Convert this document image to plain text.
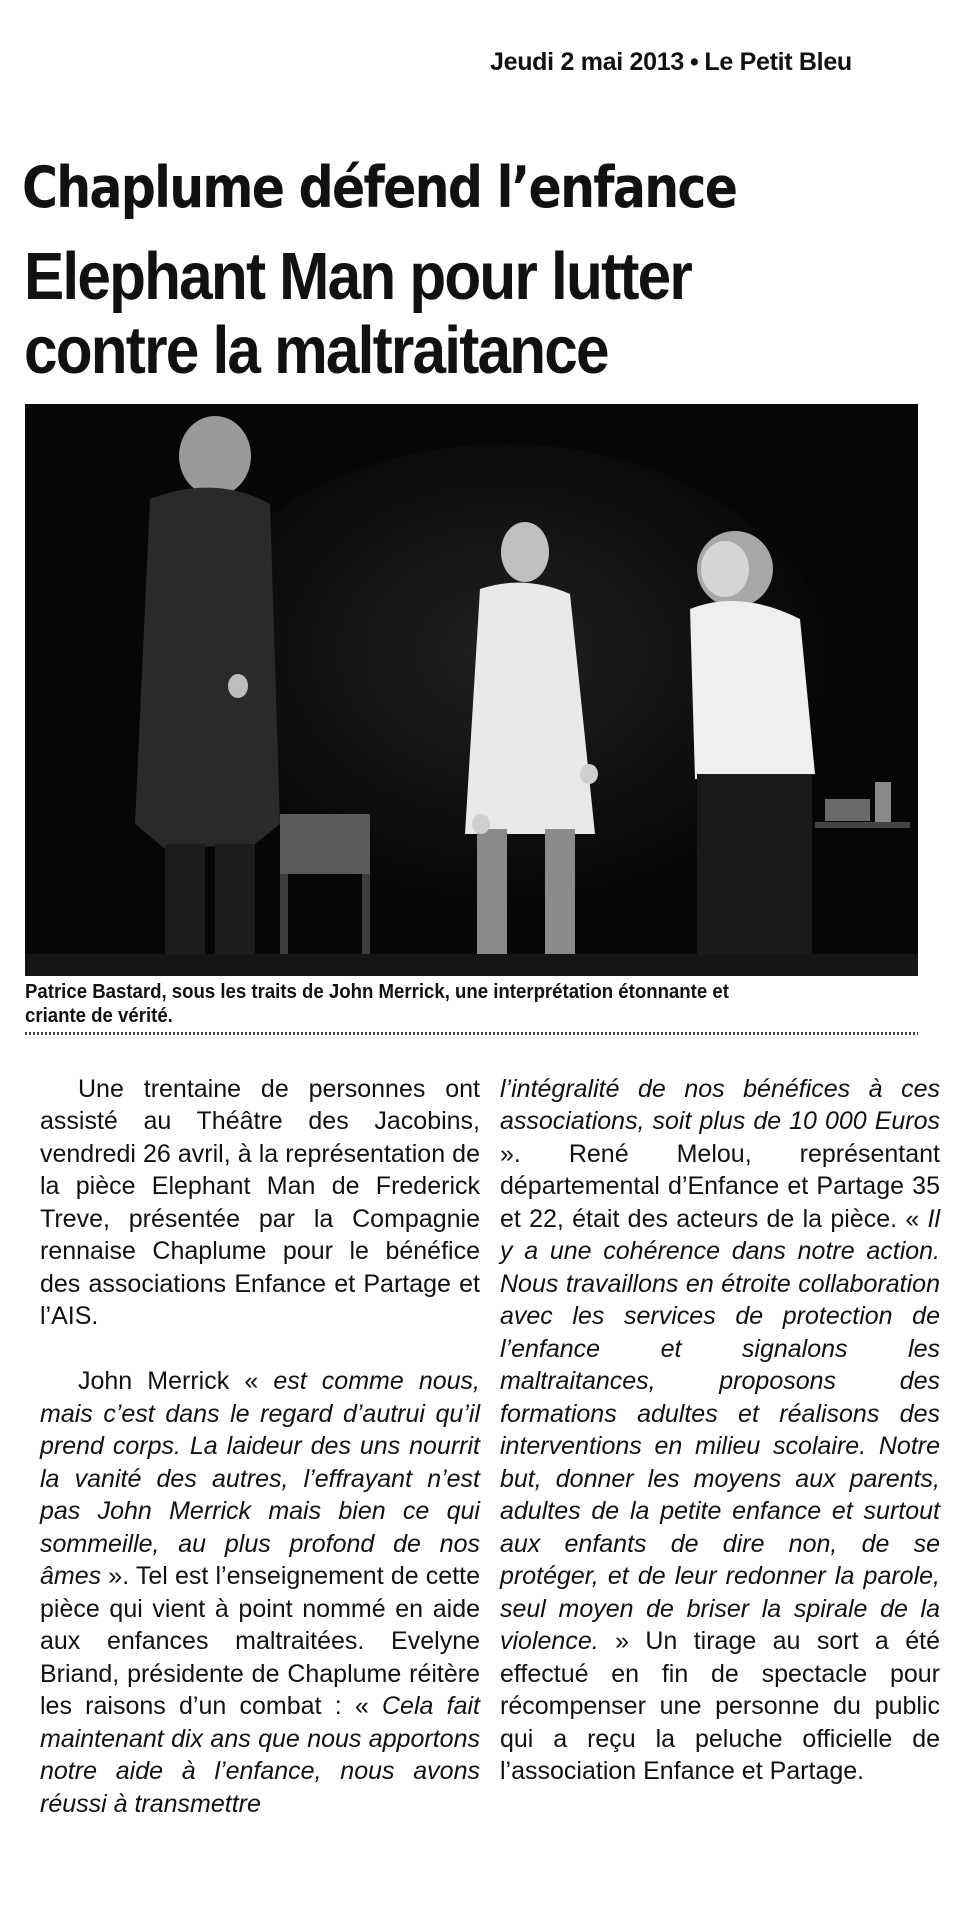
Jeudi 2 mai 2013 • Le Petit Bleu
Chaplume défend l’enfance
Elephant Man pour lutter
contre la maltraitance
Patrice Bastard, sous les traits de John Merrick, une interprétation étonnante et
criante de vérité.

Une trentaine de personnes ont assisté au Théâtre des Jacobins, vendredi 26 avril, à la représentation de la pièce Elephant Man de Frederick Treve, présentée par la Compagnie rennaise Chaplume pour le bénéfice des associations Enfance et Partage et l’AIS.

John Merrick « est comme nous, mais c’est dans le regard d’autrui qu’il prend corps. La laideur des uns nourrit la vanité des autres, l’effrayant n’est pas John Merrick mais bien ce qui sommeille, au plus profond de nos âmes ». Tel est l’enseignement de cette pièce qui vient à point nommé en aide aux enfances maltraitées. Evelyne Briand, présidente de Chaplume réitère les raisons d’un combat : « Cela fait maintenant dix ans que nous apportons notre aide à l’enfance, nous avons réussi à transmettre

l’intégralité de nos bénéfices à ces associations, soit plus de 10 000 Euros ». René Melou, représentant départemental d’Enfance et Partage 35 et 22, était des acteurs de la pièce. « Il y a une cohérence dans notre action. Nous travaillons en étroite collaboration avec les services de protection de l’enfance et signalons les maltraitances, proposons des formations adultes et réalisons des interventions en milieu scolaire. Notre but, donner les moyens aux parents, adultes de la petite enfance et surtout aux enfants de dire non, de se protéger, et de leur redonner la parole, seul moyen de briser la spirale de la violence. » Un tirage au sort a été effectué en fin de spectacle pour récompenser une personne du public qui a reçu la peluche officielle de l’association Enfance et Partage.
